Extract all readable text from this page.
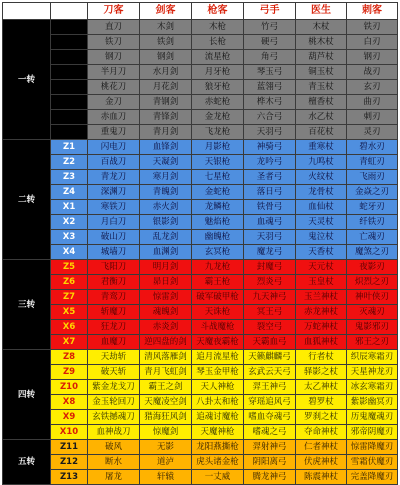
		刀客	剑客	枪客	弓手	医生	刺客
一转		直刀	木剑	木枪	竹弓	木杖	铁刃
		铁刀	铁剑	长枪	硬弓	桃木杖	白刃
		钢刀	钢剑	流星枪	角弓	葫芦杖	钢刃
		半月刀	水月剑	月牙枪	琴玉弓	铜玉杖	战刃
		桃花刀	月花剑	狼牙枪	蓝翎弓	青玉杖	玄刃
		金刀	青钢剑	赤蛇枪	桦木弓	檀香杖	曲刃
		赤血刀	青锋剑	金龙枪	六合弓	水乙杖	刺刃
		重鬼刀	青月剑	飞龙枪	天羽弓	百花杖	灵刃
二转	Z1	闪电刀	血锋剑	月影枪	神骑弓	重寒杖	碧水刃
	Z2	百战刀	天凝剑	天银枪	龙吟弓	九鸣杖	青虹刃
	Z3	青龙刀	寒月剑	七星枪	圣者弓	火纹杖	飞雨刃
	Z4	深渊刀	青魄剑	金蛇枪	落日弓	龙骨杖	金焱之刃
	X1	寒铁刀	赤火剑	龙鳞枪	铁骨弓	血仙杖	蛇牙刃
	X2	月白刀	银影剑	魅焰枪	血魂弓	天灵杖	纤铁刃
	X3	破山刀	乱龙剑	幽魄枪	天羽弓	鬼泣杖	亡魂刃
	X4	城墙刀	血渊剑	玄冥枪	魔龙弓	天香杖	魔煞之刃
三转	Z5	飞阳刀	明月剑	九龙枪	封魔弓	天元杖	夜影刃
	Z6	君衡刀	昴日剑	霸王枪	烈炎弓	玉皇杖	炽烈之刃
	Z7	青鸾刀	惊雷剑	破军破甲枪	九天神弓	玉兰神杖	神叶侠刃
	X5	斩魔刀	魂魄剑	天诛枪	冥王弓	赤龙神杖	灭魂刃
	X6	狂龙刀	赤炎剑	斗战魔枪	裂空弓	万蛇神杖	鬼影邪刃
	X7	血魔刀	逆四盘的剑	天魔夜霸枪	天霸血弓	血狐神杖	邪王之刃
四转	Z8	天劫斩	清风落雁剑	追月流星枪	天籁麒麟弓	行者杖	织辰寒霜刃
	Z9	破天斩	青月飞虹剑	琴玉金甲枪	玄武云天弓	驿影之杖	天星神龙刃
	Z10	紫金龙戈刀	霸王之剑	天人神枪	羿王神弓	太乙神杖	冰玄寒霜刃
	X8	金玉轮回刀	天魔凌空剑	八卦太和枪	穿瑶追风弓	碧罗杖	紫影幽冥刃
	X9	玄铁撼魂刀	猎海狂风剑	追魂讨魔枪	嗜血夺魂弓	罗刹之杖	历鬼魔魂刃
	X10	血神战刀	惊魔剑	天魔神枪	嗜魂之弓	夺命神杖	邪帝阴魔刃
五转	Z11	破风	无影	龙阳燕撕枪	羿射神弓	仁者神杖	惊雷降魔刃
	Z12	断水	道泸	虎头诸金枪	阴阳离弓	伏虎神杖	雪霜伏魔刃
	Z13	屠龙	轩辕	一丈威	腾龙神弓	陈震神杖	完盖降魔刃
